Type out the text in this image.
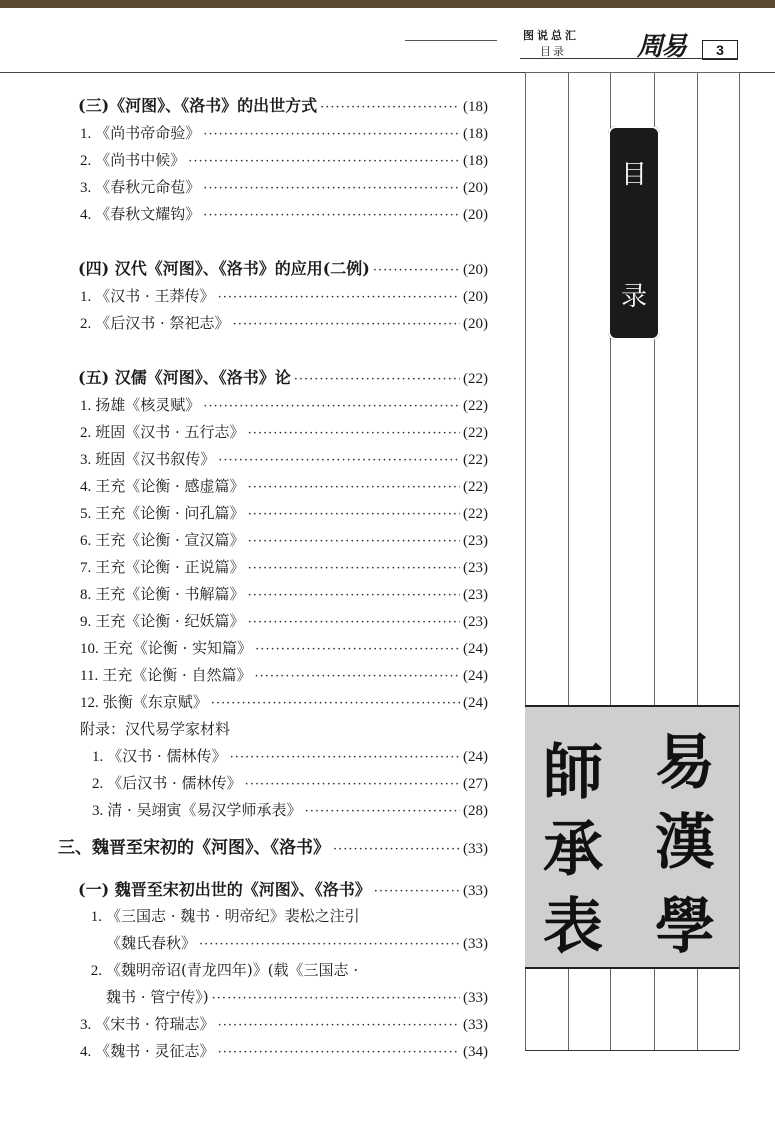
图说总汇
目录	周易	3
目
录
易
漢
學
師
承
表
(三)《河图》、《洛书》的出世方式 ·····	(18)
1. 《尚书帝命验》 ·····	(18)
2. 《尚书中候》 ·····	(18)
3. 《春秋元命苞》 ·····	(20)
4. 《春秋文耀钩》 ·····	(20)
(四) 汉代《河图》、《洛书》的应用(二例) ·····	(20)
1. 《汉书 · 王莽传》 ·····	(20)
2. 《后汉书 · 祭祀志》 ·····	(20)
(五) 汉儒《河图》、《洛书》论 ·····	(22)
1. 扬雄《核灵赋》 ·····	(22)
2. 班固《汉书 · 五行志》 ·····	(22)
3. 班固《汉书叙传》 ·····	(22)
4. 王充《论衡 · 感虚篇》 ·····	(22)
5. 王充《论衡 · 问孔篇》 ·····	(22)
6. 王充《论衡 · 宣汉篇》 ·····	(23)
7. 王充《论衡 · 正说篇》 ·····	(23)
8. 王充《论衡 · 书解篇》 ·····	(23)
9. 王充《论衡 · 纪妖篇》 ·····	(23)
10. 王充《论衡 · 实知篇》 ·····	(24)
11. 王充《论衡 · 自然篇》 ·····	(24)
12. 张衡《东京赋》 ·····	(24)
附录：汉代易学家材料
1. 《汉书 · 儒林传》 ·····	(24)
2. 《后汉书 · 儒林传》 ·····	(27)
3. 清 · 吴翊寅《易汉学师承表》 ·····	(28)
三、魏晋至宋初的《河图》、《洛书》 ·····	(33)
(一) 魏晋至宋初出世的《河图》、《洛书》 ·····	(33)
1. 《三国志 · 魏书 · 明帝纪》裴松之注引
《魏氏春秋》 ·····	(33)
2. 《魏明帝诏(青龙四年)》(载《三国志 ·
魏书 · 管宁传》) ·····	(33)
3. 《宋书 · 符瑞志》 ·····	(33)
4. 《魏书 · 灵征志》 ·····	(34)
